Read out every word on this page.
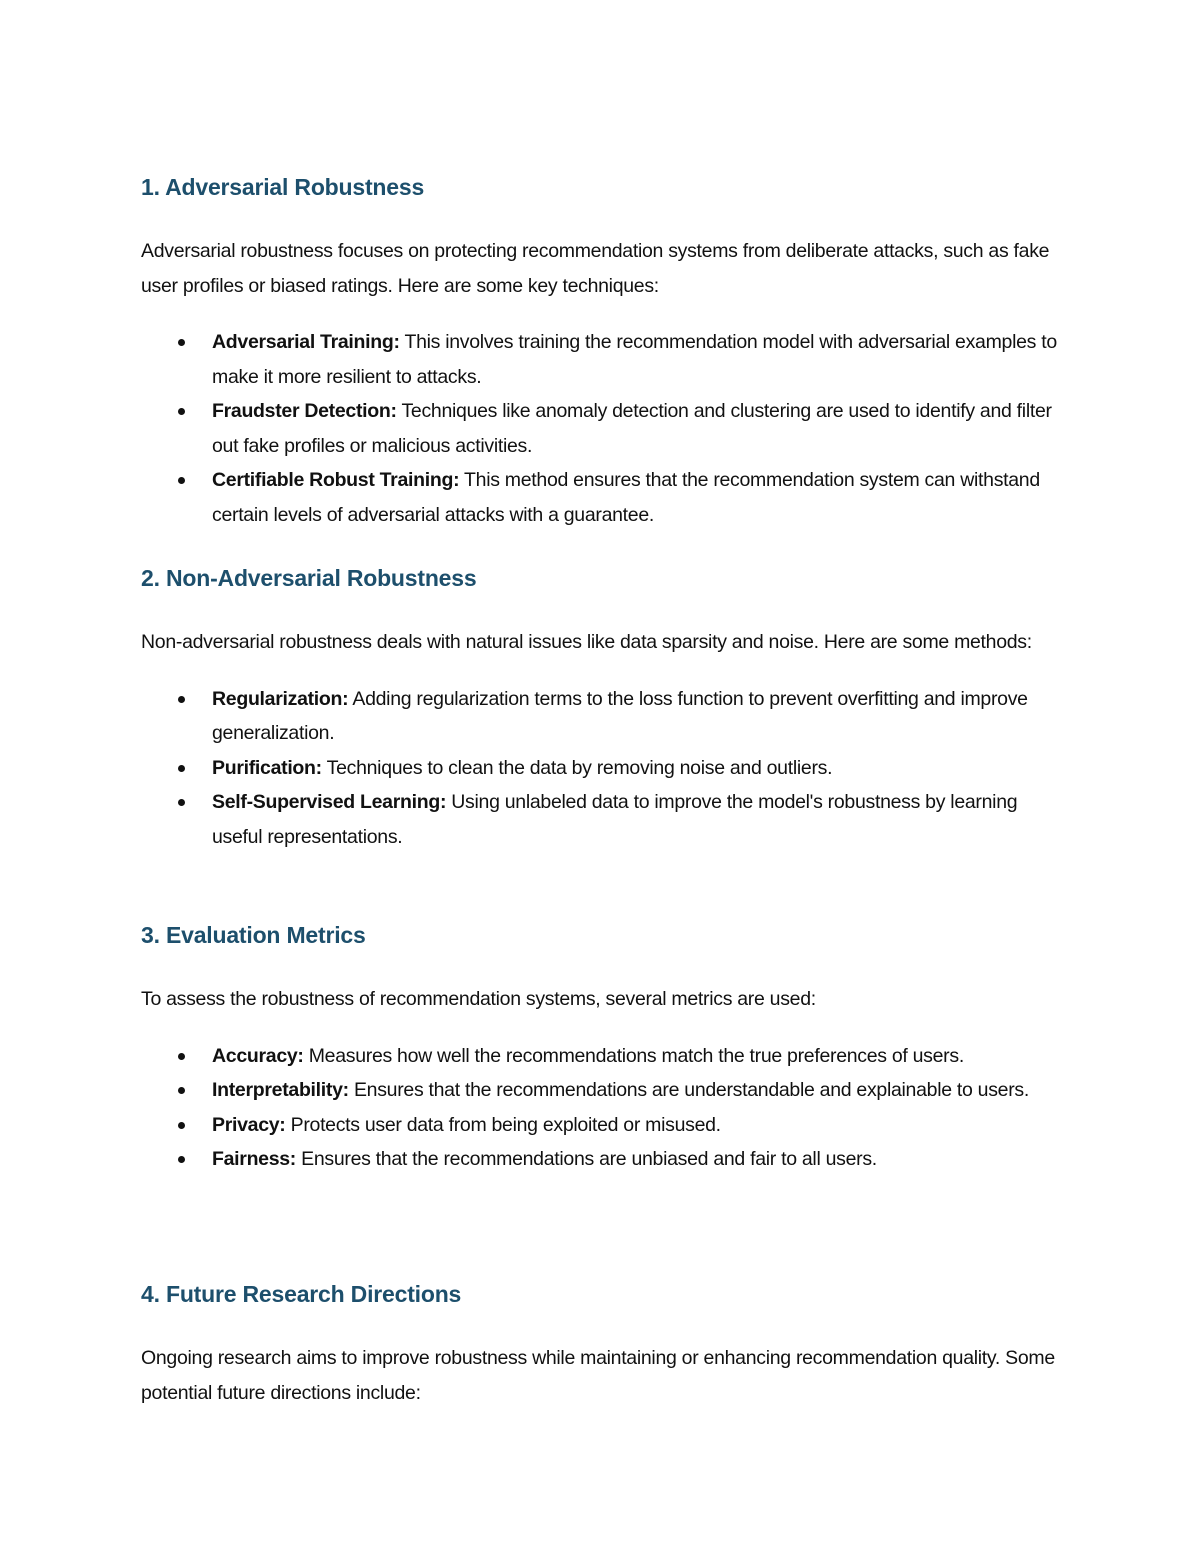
1. Adversarial Robustness

Adversarial robustness focuses on protecting recommendation systems from deliberate attacks, such as fake user profiles or biased ratings. Here are some key techniques:

Adversarial Training: This involves training the recommendation model with adversarial examples to make it more resilient to attacks.
Fraudster Detection: Techniques like anomaly detection and clustering are used to identify and filter out fake profiles or malicious activities.
Certifiable Robust Training: This method ensures that the recommendation system can withstand certain levels of adversarial attacks with a guarantee.
2. Non-Adversarial Robustness

Non-adversarial robustness deals with natural issues like data sparsity and noise. Here are some methods:

Regularization: Adding regularization terms to the loss function to prevent overfitting and improve generalization.
Purification: Techniques to clean the data by removing noise and outliers.
Self-Supervised Learning: Using unlabeled data to improve the model's robustness by learning useful representations.
3. Evaluation Metrics

To assess the robustness of recommendation systems, several metrics are used:

Accuracy: Measures how well the recommendations match the true preferences of users.
Interpretability: Ensures that the recommendations are understandable and explainable to users.
Privacy: Protects user data from being exploited or misused.
Fairness: Ensures that the recommendations are unbiased and fair to all users.
4. Future Research Directions

Ongoing research aims to improve robustness while maintaining or enhancing recommendation quality. Some potential future directions include:
